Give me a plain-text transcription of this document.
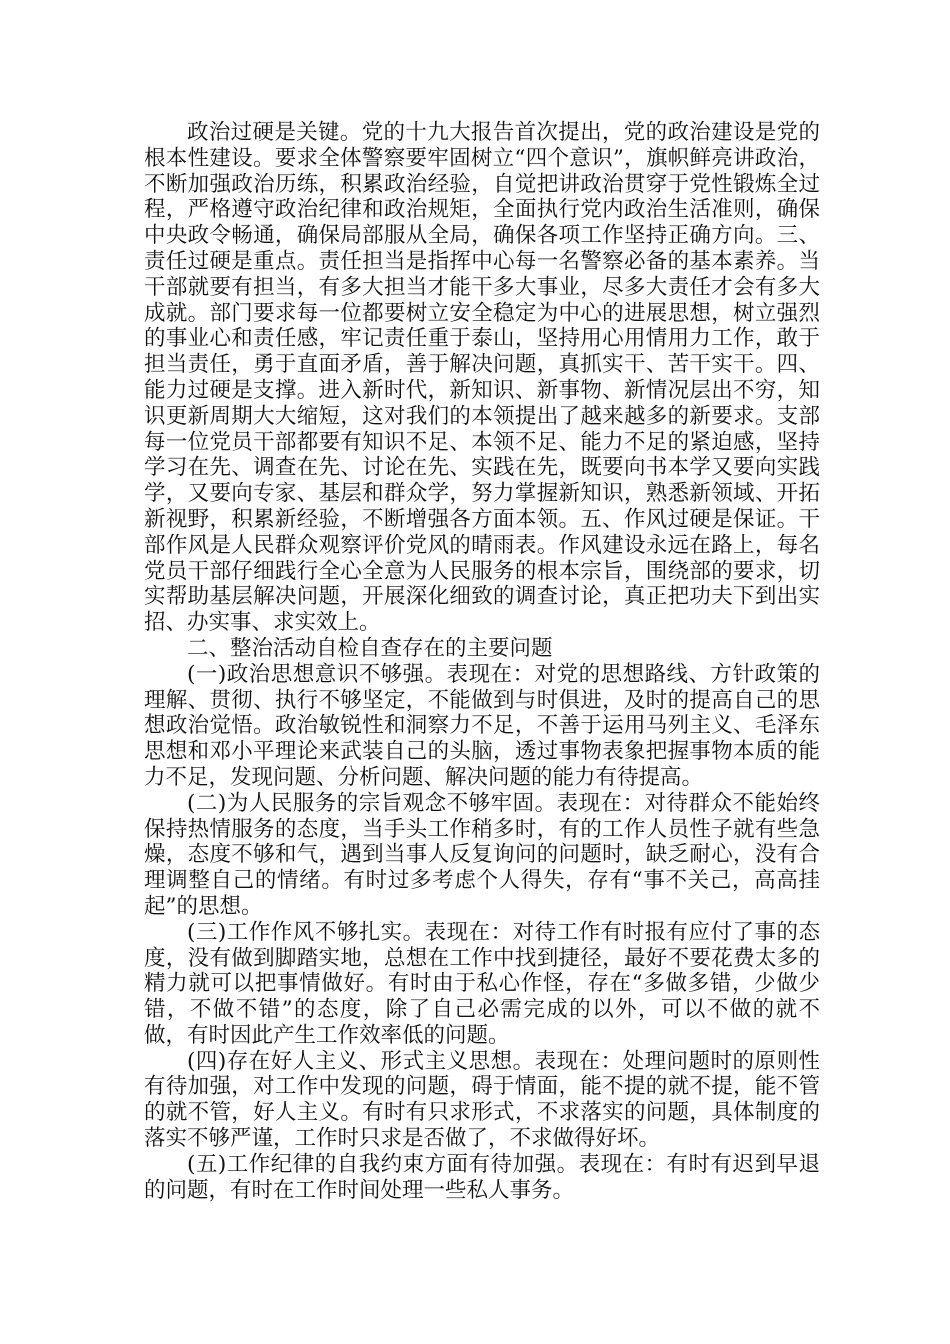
政治过硬是关键。党的十九大报告首次提出，党的政治建设是党的根本性建设。要求全体警察要牢固树立“四个意识”，旗帜鲜亮讲政治，不断加强政治历练，积累政治经验，自觉把讲政治贯穿于党性锻炼全过程，严格遵守政治纪律和政治规矩，全面执行党内政治生活准则，确保中央政令畅通，确保局部服从全局，确保各项工作坚持正确方向。三、责任过硬是重点。责任担当是指挥中心每一名警察必备的基本素养。当干部就要有担当，有多大担当才能干多大事业，尽多大责任才会有多大成就。部门要求每一位都要树立安全稳定为中心的进展思想，树立强烈的事业心和责任感，牢记责任重于泰山，坚持用心用情用力工作，敢于担当责任，勇于直面矛盾，善于解决问题，真抓实干、苦干实干。四、能力过硬是支撑。进入新时代，新知识、新事物、新情况层出不穷，知识更新周期大大缩短，这对我们的本领提出了越来越多的新要求。支部每一位党员干部都要有知识不足、本领不足、能力不足的紧迫感，坚持学习在先、调查在先、讨论在先、实践在先，既要向书本学又要向实践学，又要向专家、基层和群众学，努力掌握新知识，熟悉新领域、开拓新视野，积累新经验，不断增强各方面本领。五、作风过硬是保证。干部作风是人民群众观察评价党风的晴雨表。作风建设永远在路上，每名党员干部仔细践行全心全意为人民服务的根本宗旨，围绕部的要求，切实帮助基层解决问题，开展深化细致的调查讨论，真正把功夫下到出实招、办实事、求实效上。

二、整治活动自检自查存在的主要问题

(一)政治思想意识不够强。表现在：对党的思想路线、方针政策的理解、贯彻、执行不够坚定，不能做到与时俱进，及时的提高自己的思想政治觉悟。政治敏锐性和洞察力不足，不善于运用马列主义、毛泽东思想和邓小平理论来武装自己的头脑，透过事物表象把握事物本质的能力不足，发现问题、分析问题、解决问题的能力有待提高。

(二)为人民服务的宗旨观念不够牢固。表现在：对待群众不能始终保持热情服务的态度，当手头工作稍多时，有的工作人员性子就有些急燥，态度不够和气，遇到当事人反复询问的问题时，缺乏耐心，没有合理调整自己的情绪。有时过多考虑个人得失，存有“事不关己，高高挂起”的思想。

(三)工作作风不够扎实。表现在：对待工作有时报有应付了事的态度，没有做到脚踏实地，总想在工作中找到捷径，最好不要花费太多的精力就可以把事情做好。有时由于私心作怪，存在“多做多错，少做少错，不做不错”的态度，除了自己必需完成的以外，可以不做的就不做，有时因此产生工作效率低的问题。

(四)存在好人主义、形式主义思想。表现在：处理问题时的原则性有待加强，对工作中发现的问题，碍于情面，能不提的就不提，能不管的就不管，好人主义。有时有只求形式，不求落实的问题，具体制度的落实不够严谨，工作时只求是否做了，不求做得好坏。

(五)工作纪律的自我约束方面有待加强。表现在：有时有迟到早退的问题，有时在工作时间处理一些私人事务。
